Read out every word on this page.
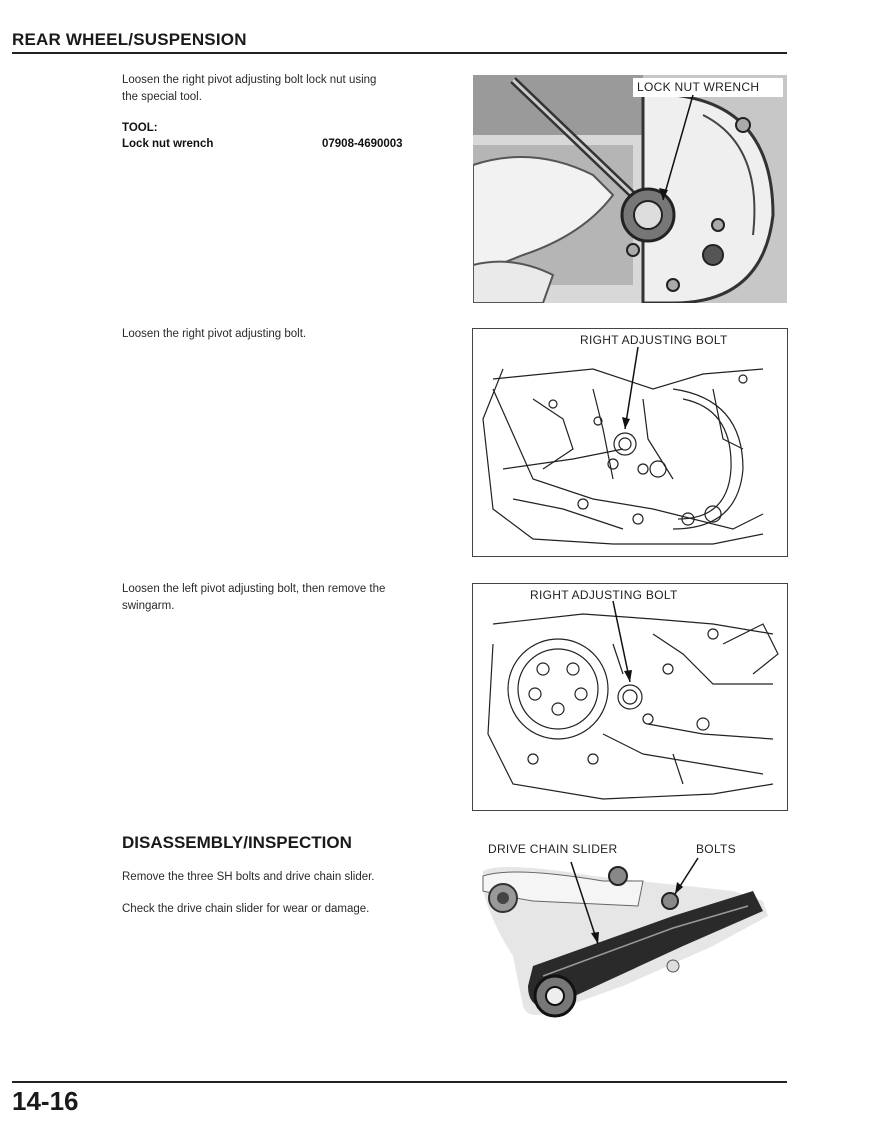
REAR WHEEL/SUSPENSION
Loosen the right pivot adjusting bolt lock nut using
the special tool.
TOOL:
Lock nut wrench	07908-4690003
LOCK NUT WRENCH
Loosen the right pivot adjusting bolt.	RIGHT ADJUSTING BOLT
Loosen the left pivot adjusting bolt, then remove the
swingarm.
RIGHT ADJUSTING BOLT
DISASSEMBLY/INSPECTION
Remove the three SH bolts and drive chain slider.
Check the drive chain slider for wear or damage.
DRIVE CHAIN SLIDER	BOLTS
14-16
